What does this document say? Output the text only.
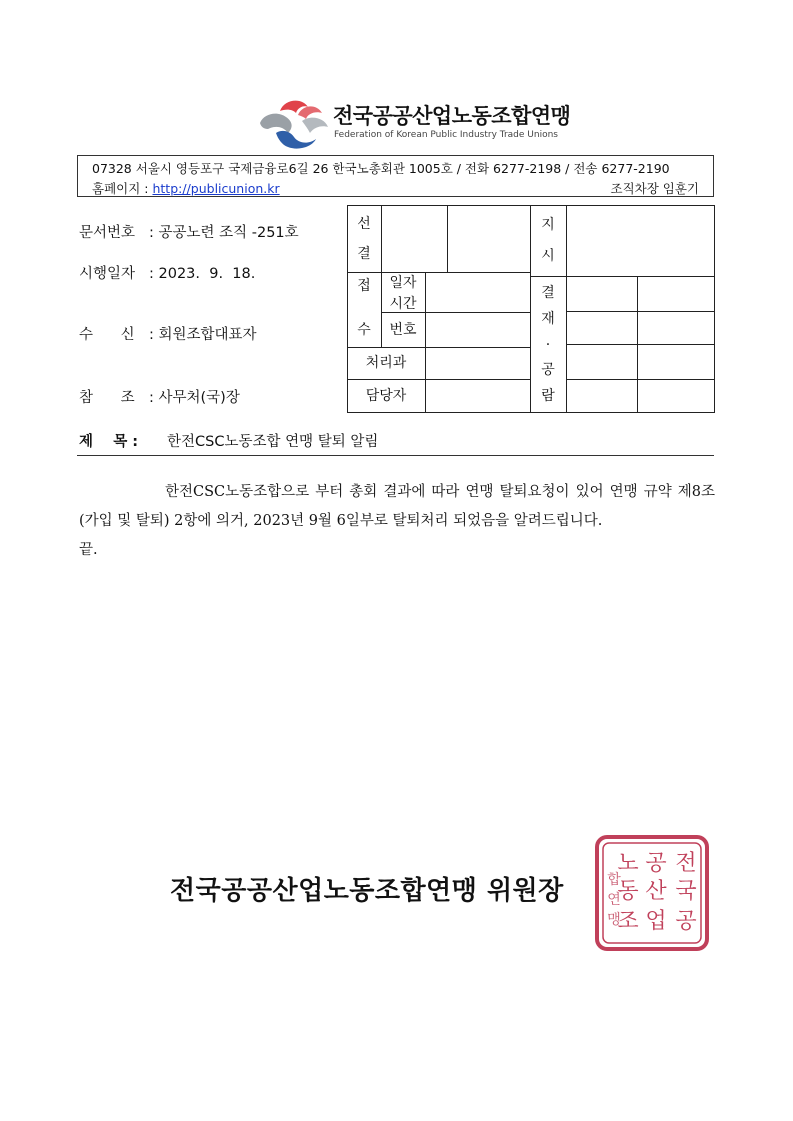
전국공공산업노동조합연맹
Federation of Korean Public Industry Trade Unions
07328 서울시 영등포구 국제금융로6길 26 한국노총회관 1005호 / 전화 6277-2198 / 전송 6277-2190
홈페이지 : http://publicunion.kr	조직차장 임훈기
문서번호 : 공공노련 조직 -251호
시행일자 : 2023.  9.  18.
수      신 : 회원조합대표자
참      조 : 사무처(국)장
선
결
접
수
일자
시간
번호
처리과
담당자
지
시
결
재
·
공
람
제    목 : 한전CSC노동조합 연맹 탈퇴 알림

한전CSC노동조합으로 부터 총회 결과에 따라 연맹 탈퇴요청이 있어 연맹 규약 제8조(가입 및 탈퇴) 2항에 의거, 2023년 9월 6일부로 탈퇴처리 되었음을 알려드립니다.

끝.

전국공공산업노동조합연맹 위원장
전
국
공
공
산
업
노
동
조
합
연
맹
